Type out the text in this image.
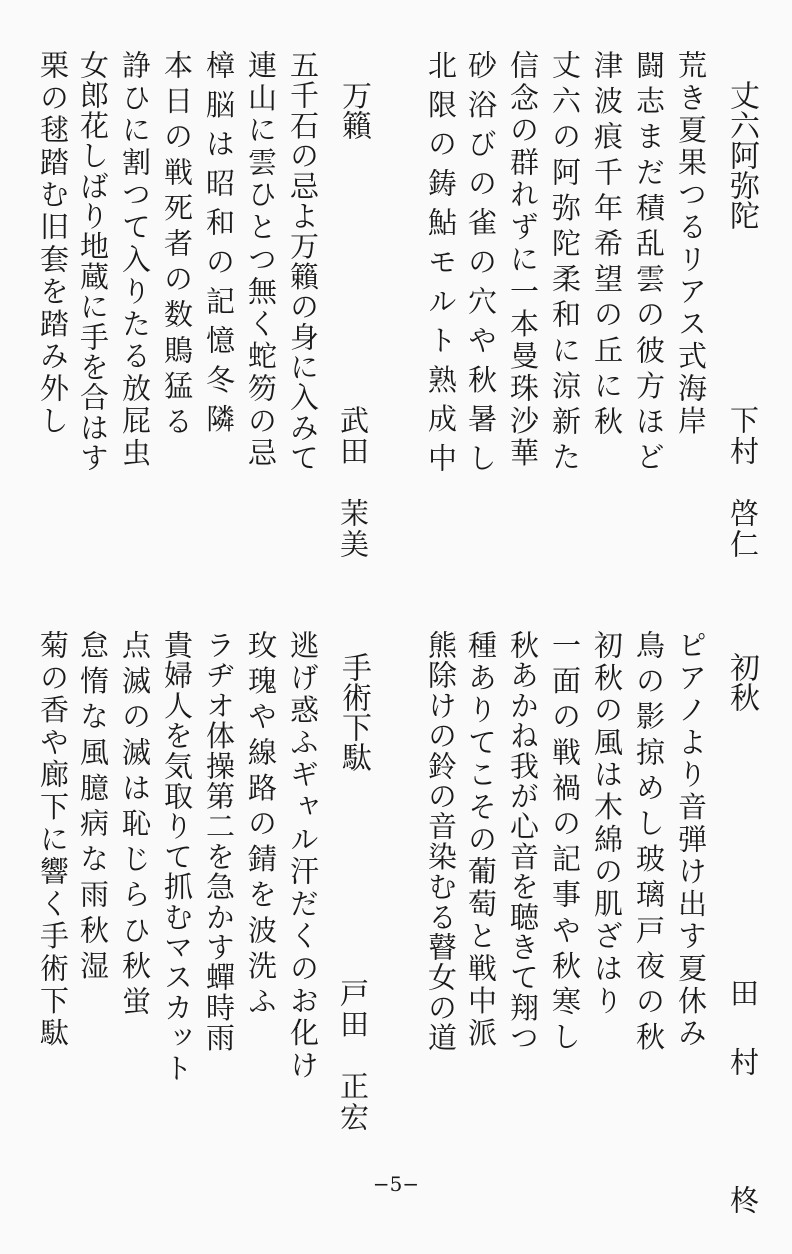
丈六阿弥陀
下村　啓仁
荒き夏果つるリアス式海岸
闘志まだ積乱雲の彼方ほど
津波痕千年希望の丘に秋
丈六の阿弥陀柔和に涼新た
信念の群れずに一本曼珠沙華
砂浴びの雀の穴や秋暑し
北限の鋳鮎モルト熟成中
万籟
武田　茉美
五千石の忌よ万籟の身に入みて
連山に雲ひとつ無く蛇笏の忌
樟脳は昭和の記憶冬隣
本日の戦死者の数鵙猛る
諍ひに割つて入りたる放屁虫
女郎花しばり地蔵に手を合はす
栗の毬踏む旧套を踏み外し
初秋
田村　柊
ピアノより音弾け出す夏休み
鳥の影掠めし玻璃戸夜の秋
初秋の風は木綿の肌ざはり
一面の戦禍の記事や秋寒し
秋あかね我が心音を聴きて翔つ
種ありてこその葡萄と戦中派
熊除けの鈴の音染むる瞽女の道
手術下駄
戸田　正宏
逃げ惑ふギャル汗だくのお化け
玫瑰や線路の錆を波洗ふ
ラヂオ体操第二を急かす蟬時雨
貴婦人を気取りて抓むマスカット
点滅の滅は恥じらひ秋蛍
怠惰な風臆病な雨秋湿
菊の香や廊下に響く手術下駄
−5−
